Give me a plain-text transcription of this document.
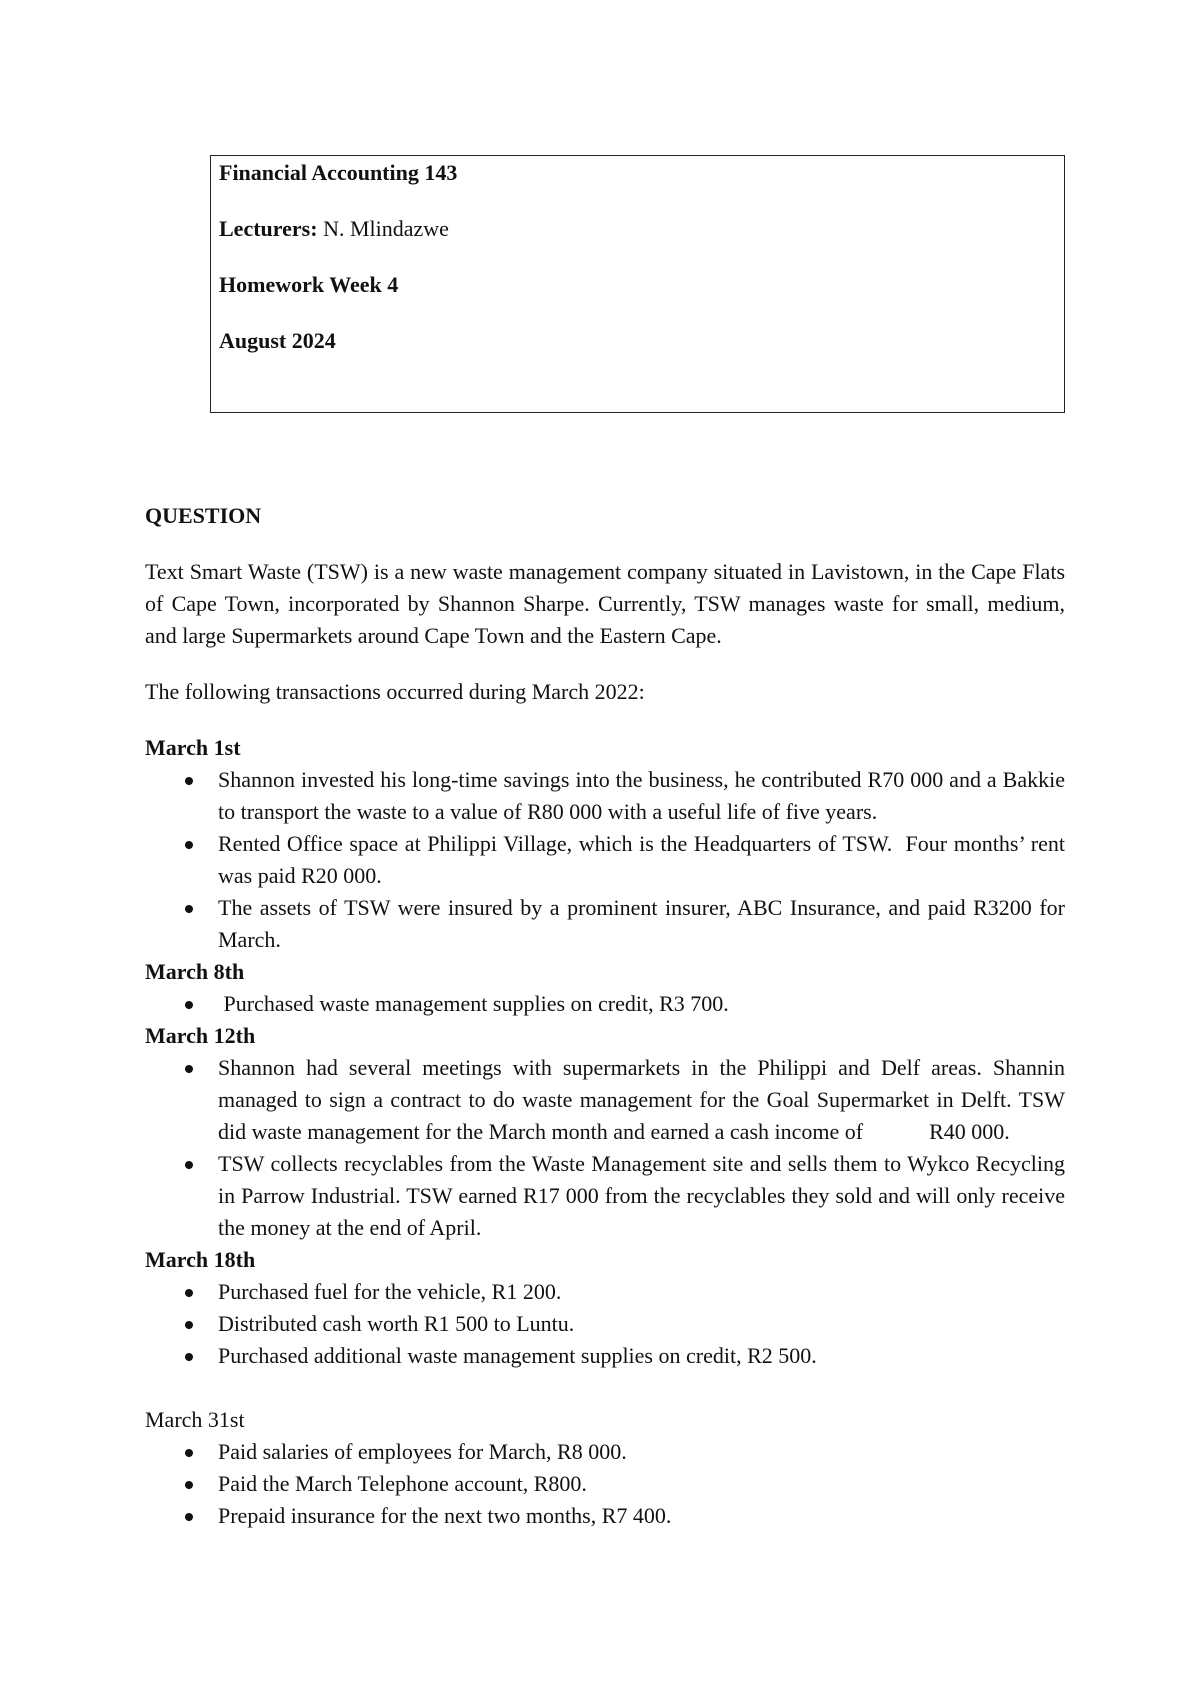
Financial Accounting 143
Lecturers: N. Mlindazwe
Homework Week 4
August 2024

QUESTION

Text Smart Waste (TSW) is a new waste management company situated in Lavistown, in the Cape Flats of Cape Town, incorporated by Shannon Sharpe. Currently, TSW manages waste for small, medium, and large Supermarkets around Cape Town and the Eastern Cape.

The following transactions occurred during March 2022:

March 1st

Shannon invested his long-time savings into the business, he contributed R70 000 and a Bakkie to transport the waste to a value of R80 000 with a useful life of five years.
Rented Office space at Philippi Village, which is the Headquarters of TSW.  Four months’ rent was paid R20 000.
The assets of TSW were insured by a prominent insurer, ABC Insurance, and paid R3200 for March.

March 8th

Purchased waste management supplies on credit, R3 700.

March 12th

Shannon had several meetings with supermarkets in the Philippi and Delf areas. Shannin managed to sign a contract to do waste management for the Goal Supermarket in Delft. TSW did waste management for the March month and earned a cash income of            R40 000.
TSW collects recyclables from the Waste Management site and sells them to Wykco Recycling in Parrow Industrial. TSW earned R17 000 from the recyclables they sold and will only receive the money at the end of April.

March 18th

Purchased fuel for the vehicle, R1 200.
Distributed cash worth R1 500 to Luntu.
Purchased additional waste management supplies on credit, R2 500.

March 31st

Paid salaries of employees for March, R8 000.
Paid the March Telephone account, R800.
Prepaid insurance for the next two months, R7 400.
